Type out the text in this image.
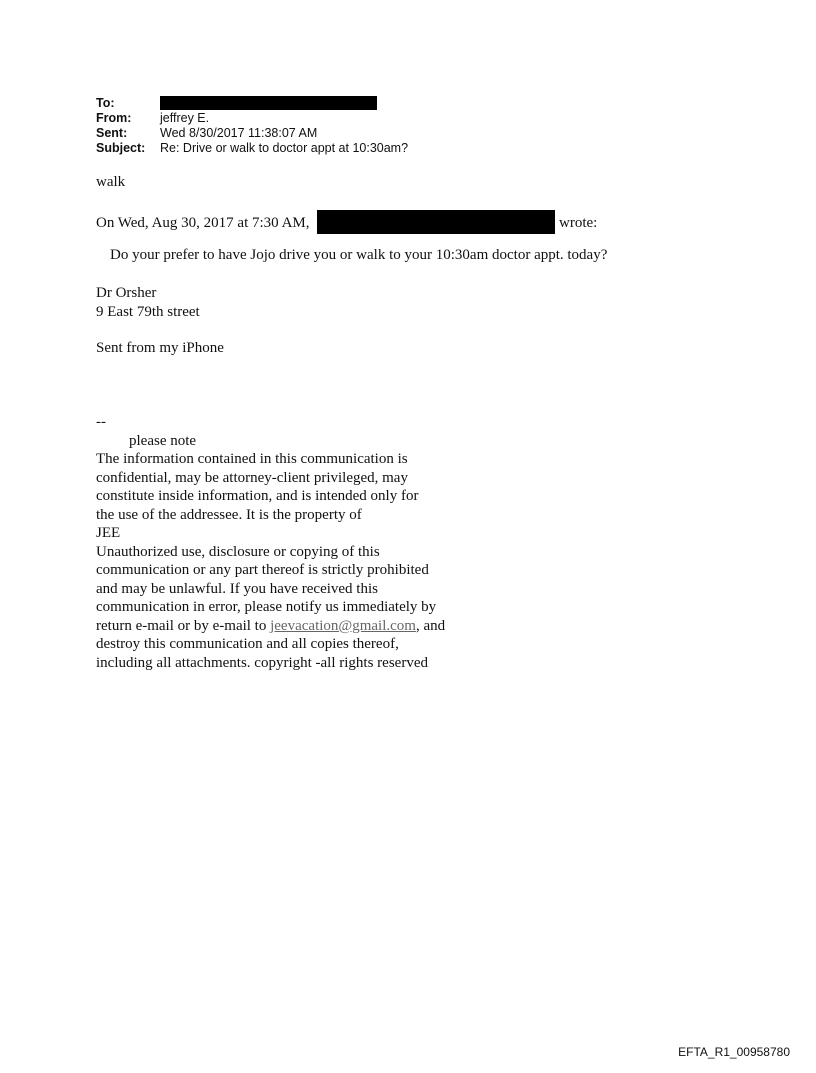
To:
From:	jeffrey E.
Sent:	Wed 8/30/2017 11:38:07 AM
Subject:	Re: Drive or walk to doctor appt at 10:30am?
walk
On Wed, Aug 30, 2017 at 7:30 AM,	wrote:
Do your prefer to have Jojo drive you or walk to your 10:30am doctor appt. today?
Dr Orsher
9 East 79th street
Sent from my iPhone
--
please note
The information contained in this communication is
confidential, may be attorney-client privileged, may
constitute inside information, and is intended only for
the use of the addressee. It is the property of
JEE
Unauthorized use, disclosure or copying of this
communication or any part thereof is strictly prohibited
and may be unlawful. If you have received this
communication in error, please notify us immediately by
return e-mail or by e-mail to jeevacation@gmail.com, and
destroy this communication and all copies thereof,
including all attachments. copyright -all rights reserved
EFTA_R1_00958780
